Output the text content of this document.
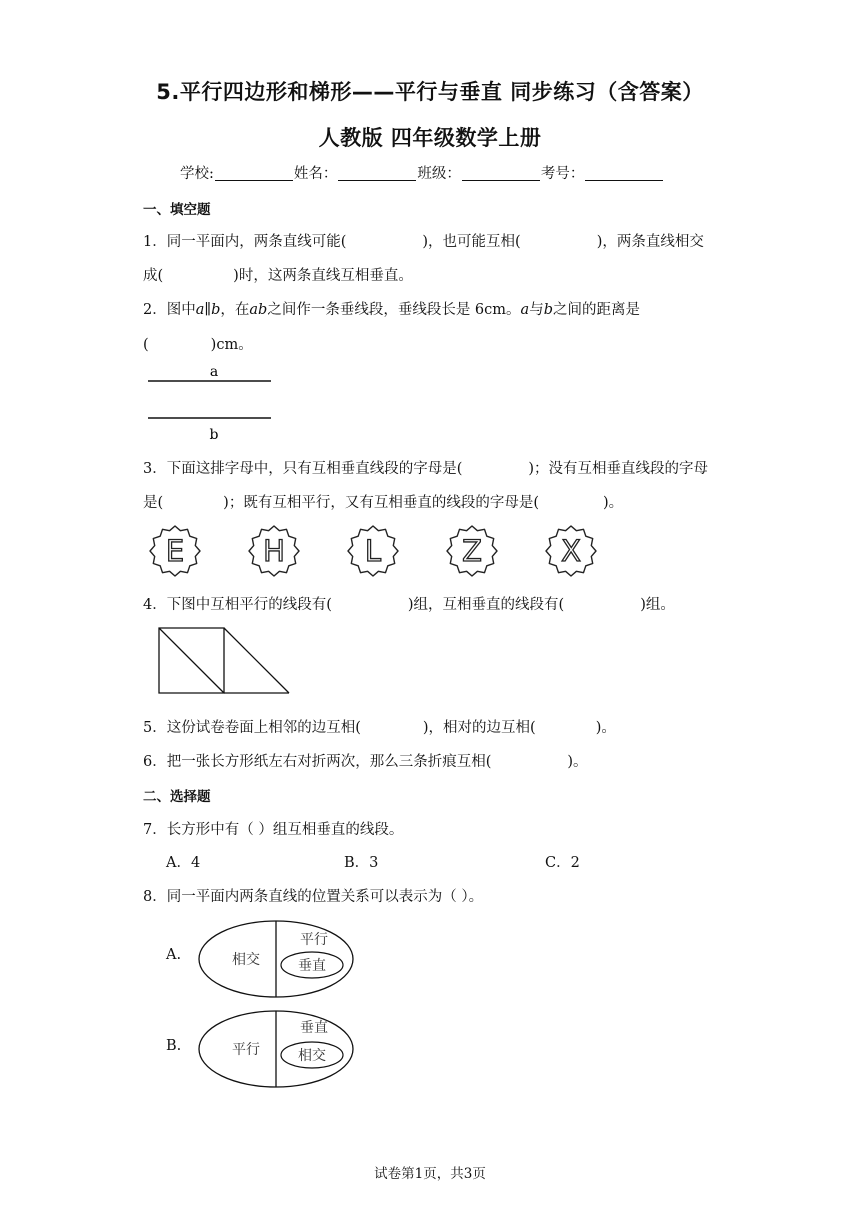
5.平行四边形和梯形——平行与垂直 同步练习（含答案）
人教版 四年级数学上册
学校:	姓名：	班级：	考号：
一、填空题
1．同一平面内，两条直线可能(	)，也可能互相(	)，两条直线相交
成(	)时，这两条直线互相垂直。
2．图中a∥b，在ab之间作一条垂线段，垂线段长是 6cm。a与b之间的距离是
(	)cm。
a
b
3．下面这排字母中，只有互相垂直线段的字母是(	)；没有互相垂直线段的字母
是(	)；既有互相平行，又有互相垂直的线段的字母是(	)。
E	H	L	Z	X
4．下图中互相平行的线段有(	)组，互相垂直的线段有(	)组。
5．这份试卷卷面上相邻的边互相(	)，相对的边互相(	)。
6．把一张长方形纸左右对折两次，那么三条折痕互相(	)。
二、选择题
7．长方形中有（ ）组互相垂直的线段。
A．4	B．3	C．2
8．同一平面内两条直线的位置关系可以表示为（ ）。
A.	相交
平行
垂直
B.	平行
垂直
相交
试卷第1页，共3页
